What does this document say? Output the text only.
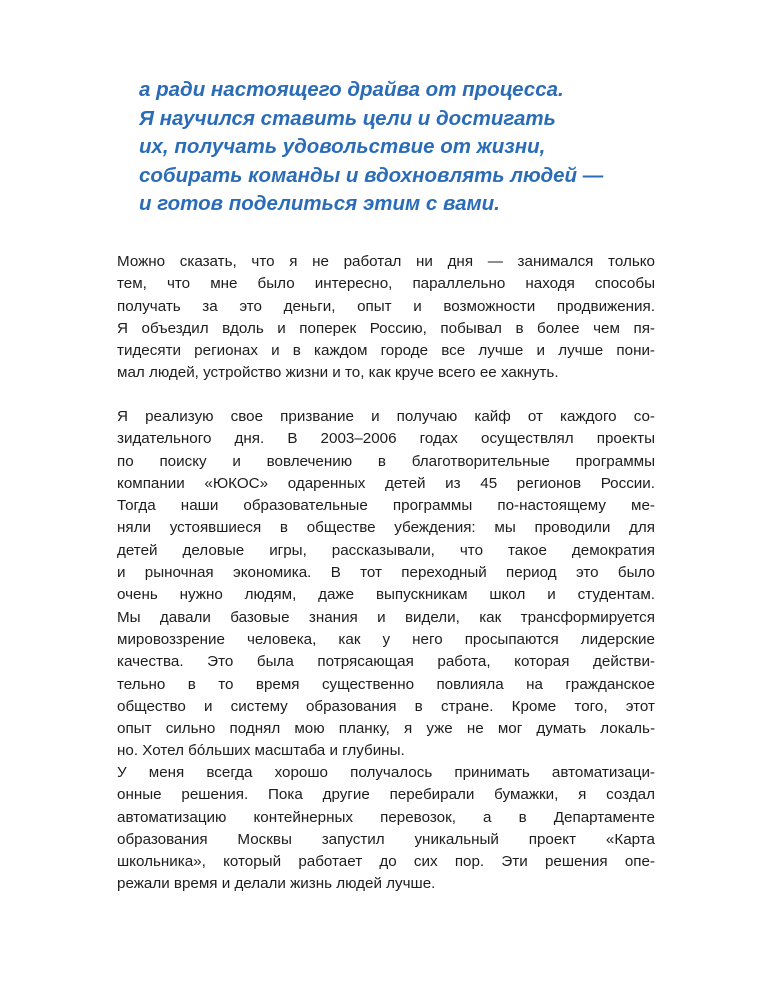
а ради настоящего драйва от процесса.
Я научился ставить цели и достигать
их, получать удовольствие от жизни,
собирать команды и вдохновлять людей —
и готов поделиться этим с вами.
Можно сказать, что я не работал ни дня — занимался только
тем, что мне было интересно, параллельно находя способы
получать за это деньги, опыт и возможности продвижения.
Я объездил вдоль и поперек Россию, побывал в более чем пя-
тидесяти регионах и в каждом городе все лучше и лучше пони-
мал людей, устройство жизни и то, как круче всего ее хакнуть.
Я реализую свое призвание и получаю кайф от каждого со-
зидательного дня. В 2003–2006 годах осуществлял проекты
по поиску и вовлечению в благотворительные программы
компании «ЮКОС» одаренных детей из 45 регионов России.
Тогда наши образовательные программы по-настоящему ме-
няли устоявшиеся в обществе убеждения: мы проводили для
детей деловые игры, рассказывали, что такое демократия
и рыночная экономика. В тот переходный период это было
очень нужно людям, даже выпускникам школ и студентам.
Мы давали базовые знания и видели, как трансформируется
мировоззрение человека, как у него просыпаются лидерские
качества. Это была потрясающая работа, которая действи-
тельно в то время существенно повлияла на гражданское
общество и систему образования в стране. Кроме того, этот
опыт сильно поднял мою планку, я уже не мог думать локаль-
но. Хотел бóльших масштаба и глубины.
У меня всегда хорошо получалось принимать автоматизаци-
онные решения. Пока другие перебирали бумажки, я создал
автоматизацию контейнерных перевозок, а в Департаменте
образования Москвы запустил уникальный проект «Карта
школьника», который работает до сих пор. Эти решения опе-
режали время и делали жизнь людей лучше.
